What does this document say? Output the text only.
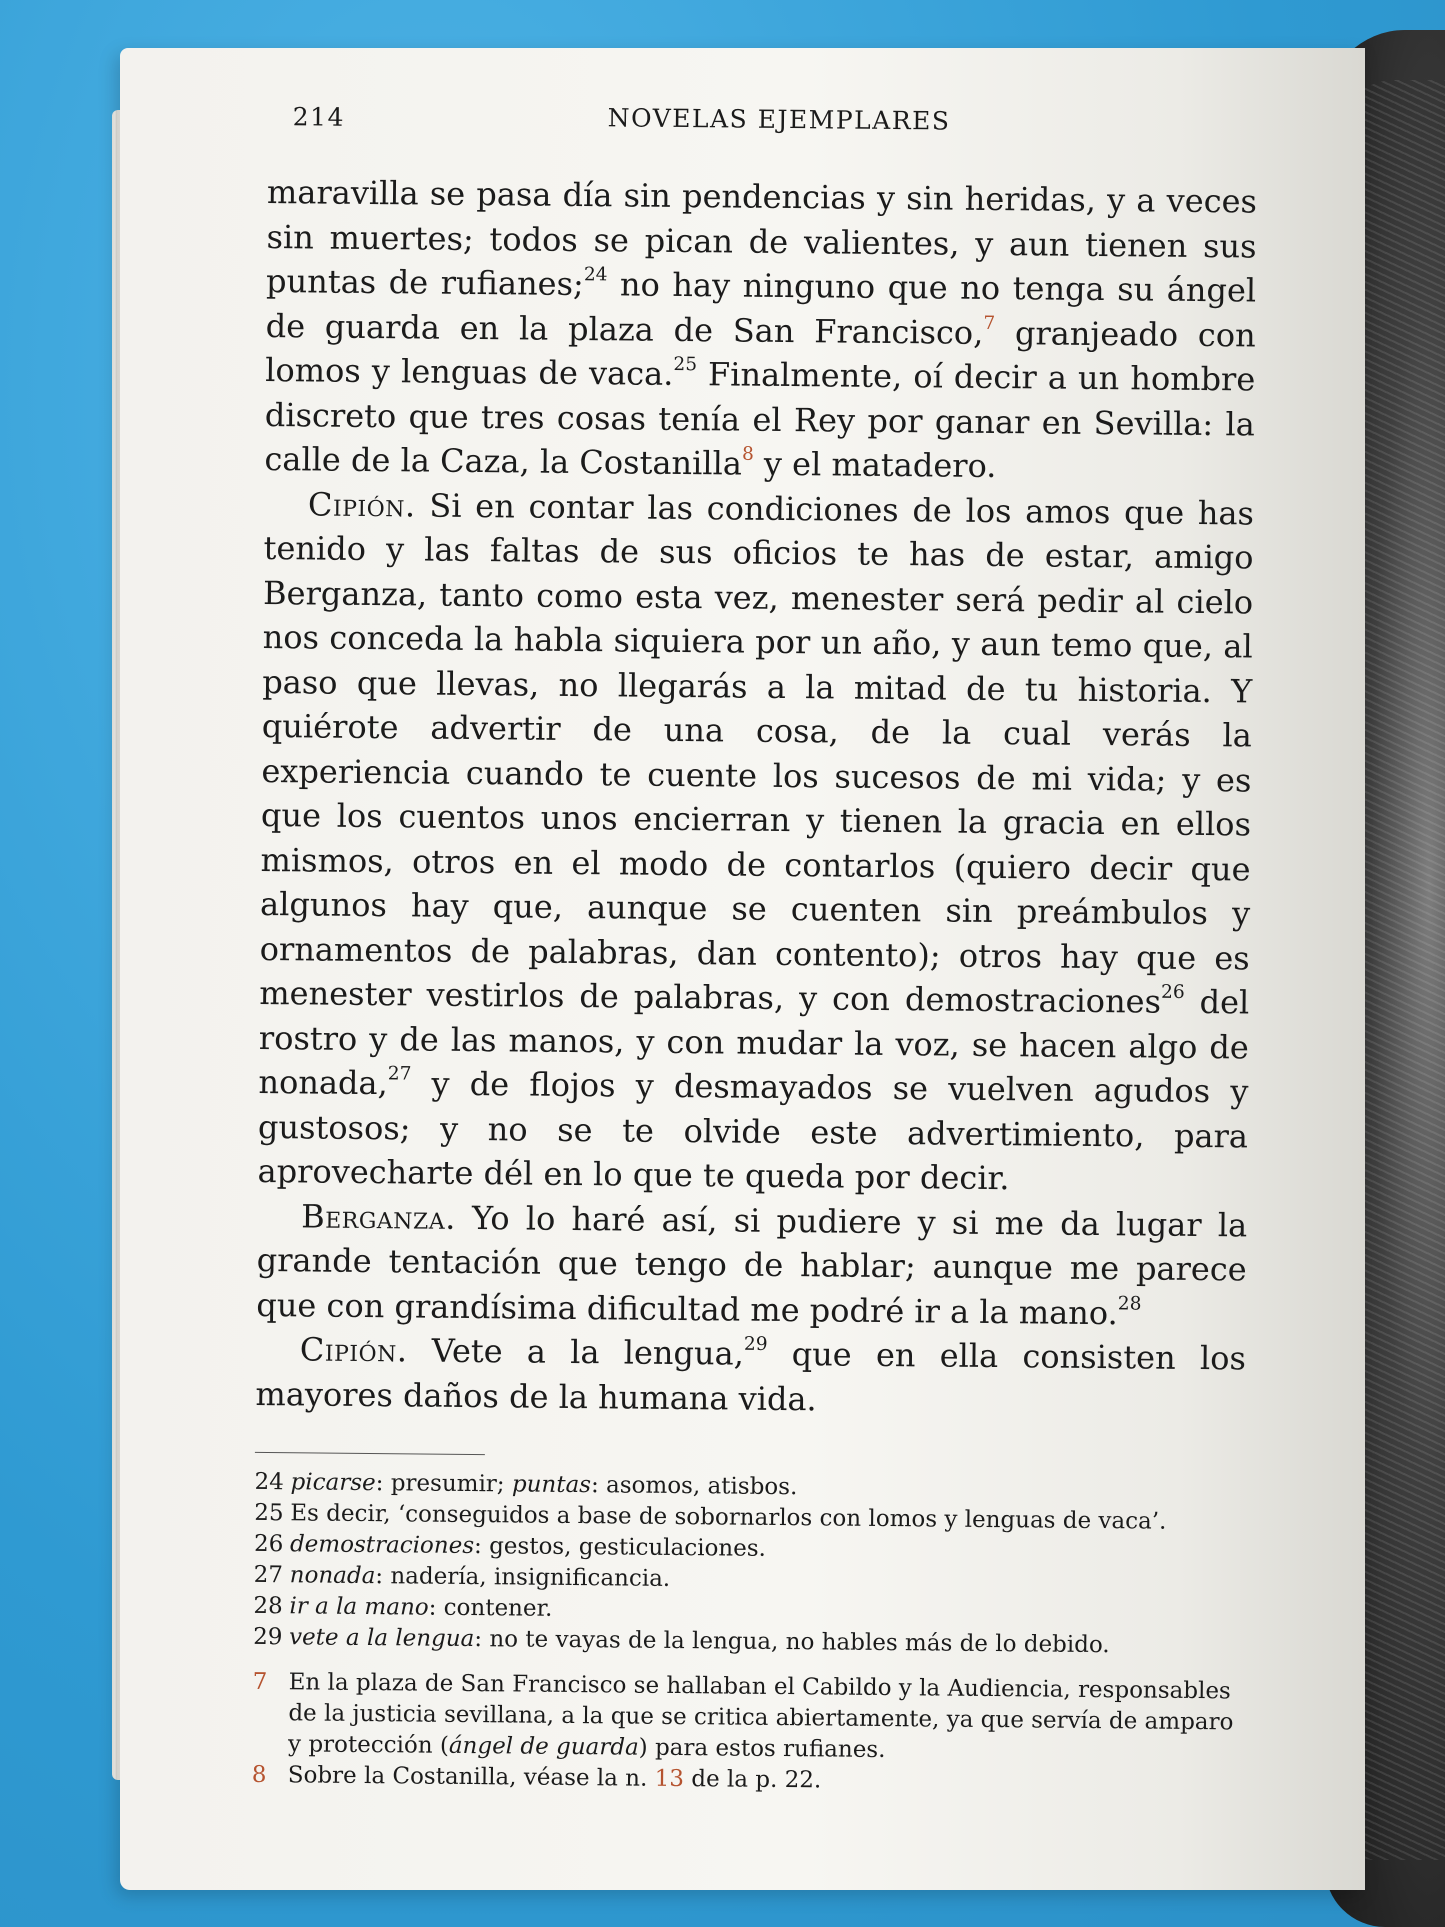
214	NOVELAS EJEMPLARES

maravilla se pasa día sin pendencias y sin heridas, y a veces sin muertes; todos se pican de valientes, y aun tienen sus puntas de rufianes;$^{24}$ no hay ninguno que no tenga su ángel de guarda en la plaza de San Francisco,$^7$ granjeado con lomos y lenguas de vaca.$^{25}$ Finalmente, oí decir a un hombre discreto que tres cosas tenía el Rey por ganar en Sevilla: la calle de la Caza, la Costanilla$^8$ y el matadero.

Cipión. Si en contar las condiciones de los amos que has tenido y las faltas de sus oficios te has de estar, amigo Berganza, tanto como esta vez, menester será pedir al cielo nos conceda la habla siquiera por un año, y aun temo que, al paso que llevas, no llegarás a la mitad de tu historia. Y quiérote advertir de una cosa, de la cual verás la experiencia cuando te cuente los sucesos de mi vida; y es que los cuentos unos encierran y tienen la gracia en ellos mismos, otros en el modo de contarlos (quiero decir que algunos hay que, aunque se cuenten sin preámbulos y ornamentos de palabras, dan contento); otros hay que es menester vestirlos de palabras, y con demostraciones$^{26}$ del rostro y de las manos, y con mudar la voz, se hacen algo de nonada,$^{27}$ y de flojos y desmayados se vuelven agudos y gustosos; y no se te olvide este advertimiento, para aprovecharte dél en lo que te queda por decir.

Berganza. Yo lo haré así, si pudiere y si me da lugar la grande tentación que tengo de hablar; aunque me parece que con grandísima dificultad me podré ir a la mano.$^{28}$

Cipión. Vete a la lengua,$^{29}$ que en ella consisten los mayores daños de la humana vida.

24 picarse: presumir; puntas: asomos, atisbos.
25 Es decir, ‘conseguidos a base de sobornarlos con lomos y lenguas de vaca’.
26 demostraciones: gestos, gesticulaciones.
27 nonada: nadería, insignificancia.
28 ir a la mano: contener.
29 vete a la lengua: no te vayas de la lengua, no hables más de lo debido.
7 En la plaza de San Francisco se hallaban el Cabildo y la Audiencia, responsables de la justicia sevillana, a la que se critica abiertamente, ya que servía de amparo y protección (ángel de guarda) para estos rufianes.
8 Sobre la Costanilla, véase la n. 13 de la p. 22.
